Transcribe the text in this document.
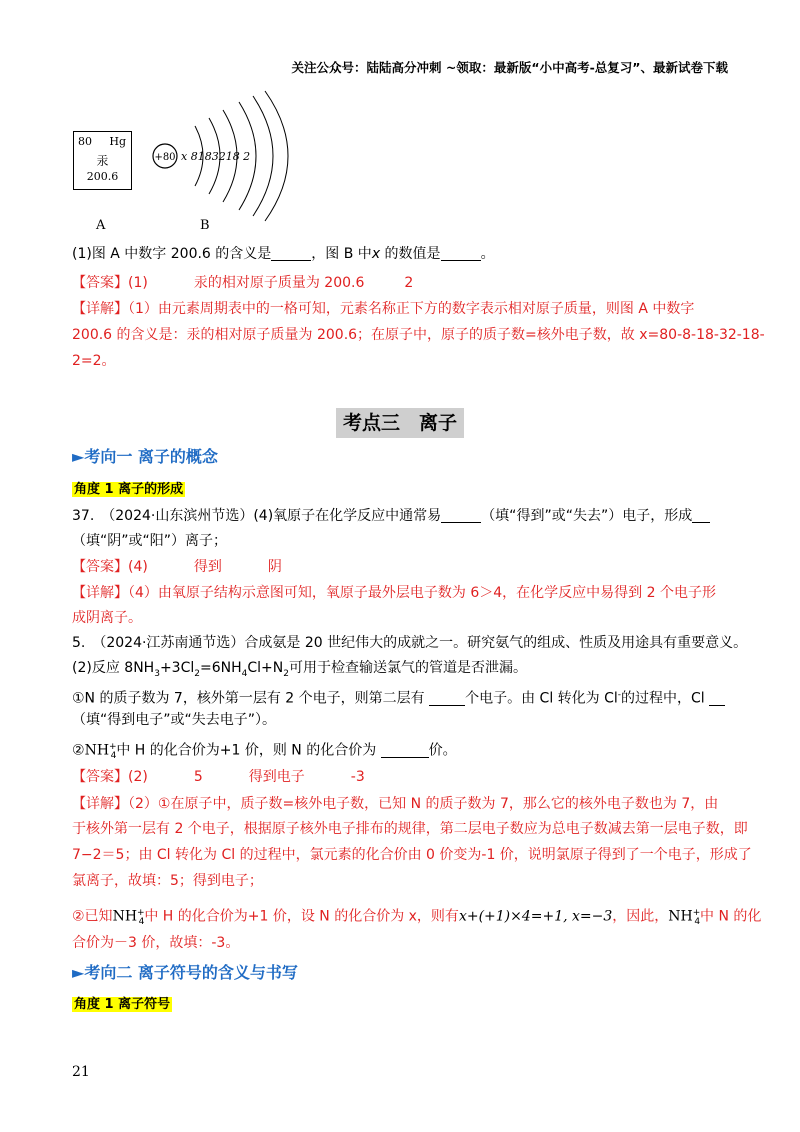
关注公众号：陆陆高分冲刺 ~领取：最新版“小中高考-总复习”、最新试卷下载
80 Hg
汞
200.6
+80 x 8183218 2
A	B
(1)图 A 中数字 200.6 的含义是	，图 B 中x 的数值是	。
【答案】(1)	汞的相对原子质量为 200.6	2
【详解】（1）由元素周期表中的一格可知，元素名称正下方的数字表示相对原子质量，则图 A 中数字
200.6 的含义是：汞的相对原子质量为 200.6；在原子中，原子的质子数=核外电子数，故 x=80-8-18-32-18-
2=2。
考点三　离子
►考向一 离子的概念
角度 1 离子的形成
37.　（2024·山东滨州节选）(4)氧原子在化学反应中通常易	（填“得到”或“失去”）电子，形成
（填“阴”或“阳”）离子；
【答案】(4)	得到	阴
【详解】（4）由氧原子结构示意图可知，氧原子最外层电子数为 6＞4，在化学反应中易得到 2 个电子形
成阴离子。
5.　（2024·江苏南通节选）合成氨是 20 世纪伟大的成就之一。研究氨气的组成、性质及用途具有重要意义。
(2)反应 $8NH_3+3Cl_2=6NH_4Cl+N_2$可用于检查输送氯气的管道是否泄漏。
①N 的质子数为 7，核外第一层有 2 个电子，则第二层有	个电子。由 Cl 转化为 Cl-的过程中，Cl
（填“得到电子”或“失去电子”）。
$②NH^+_4$中 H 的化合价为+1 价，则 N 的化合价为	价。
【答案】(2)	5	得到电子	-3
【详解】（2）①在原子中，质子数=核外电子数，已知 N 的质子数为 7，那么它的核外电子数也为 7，由
于核外第一层有 2 个电子，根据原子核外电子排布的规律，第二层电子数应为总电子数减去第一层电子数，即
7−2＝5；由 Cl 转化为 Cl 的过程中，氯元素的化合价由 0 价变为-1 价，说明氯原子得到了一个电子，形成了
氯离子，故填：5；得到电子；
②已知$NH^+_4$中 H 的化合价为+1 价，设 N 的化合价为 x，则有x+(+1)×4=+1, x=−3，因此，$NH^+_4$中 N 的化
合价为－3 价，故填：-3。
►考向二 离子符号的含义与书写
角度 1 离子符号
21
